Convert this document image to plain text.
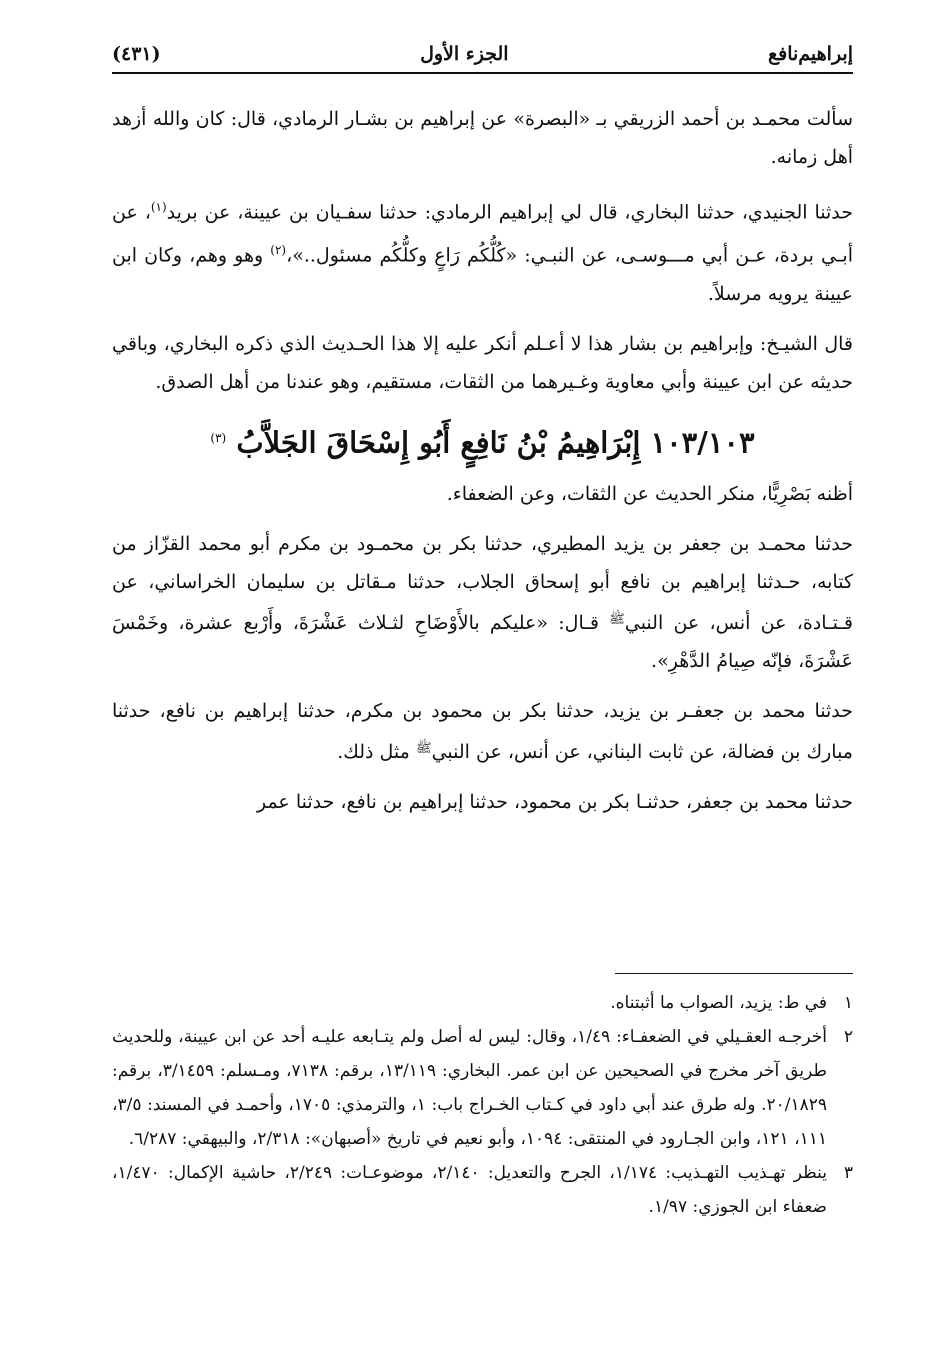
إبراهيم‌نافع
الجزء الأول
(٤٣١)

سألت محمـد بن أحمد الزريقي بـ «البصرة» عن إبراهيم بن بشـار الرمادي، قال: كان والله أزهد أهل زمانه.

حدثنا الجنيدي، حدثنا البخاري، قال لي إبراهيم الرمادي: حدثنا سفـيان بن عيينة، عن بريد$^{(١)}$، عن أبـي بردة، عـن أبي مـــوسـى، عن النبـي: «كُلُّكُم رَاعٍ وكلُّكُم مسئول..»،$^{(٢)}$ وهو وهم، وكان ابن عيينة يرويه مرسلاً.

قال الشيـخ: وإبراهيم بن بشار هذا لا أعـلم أنكر عليه إلا هذا الحـديث الذي ذكره البخاري، وباقي حديثه عن ابن عيينة وأبي معاوية وغـيرهما من الثقات، مستقيم، وهو عندنا من أهل الصدق.

١٠٣/١٠٣ إِبْرَاهِيمُ بْنُ نَافِعٍ أَبُو إِسْحَاقَ الجَلاَّبُ $^{(٣)}$

أظنه بَصْرِيًّا، منكر الحديث عن الثقات، وعن الضعفاء.

حدثنا محمـد بن جعفر بن يزيد المطيري، حدثنا بكر بن محمـود بن مكرم أبو محمد القزّاز من كتابه، حـدثنا إبراهيم بن نافع أبو إسحاق الجلاب، حدثنا مـقاتل بن سليمان الخراساني، عن قـتـادة، عن أنس، عن النبي$^ﷺ$ قـال: «عليكم بالأَوْضَاحِ لثـلاث عَشْرَةَ، وأَرْبع عشرة، وخَمْسَ عَشْرَةَ، فإنّه صِيامُ الدَّهْرِ».

حدثنا محمد بن جعفـر بن يزيد، حدثنا بكر بن محمود بن مكرم، حدثنا إبراهيم بن نافع، حدثنا مبارك بن فضالة، عن ثابت البناني، عن أنس، عن النبي$^ﷺ$ مثل ذلك.

حدثنا محمد بن جعفر، حدثنـا بكر بن محمود، حدثنا إبراهيم بن نافع، حدثنا عمر

١
في ط: يزيد، الصواب ما أثبتناه.
٢
أخرجـه العقـيلي في الضعفـاء: ١/٤٩، وقال: ليس له أصل ولم يتـابعه عليـه أحد عن ابن عيينة، وللحديث طريق آخر مخرج في الصحيحين عن ابن عمر. البخاري: ١٣/١١٩، برقم: ٧١٣٨، ومـسلم: ٣/١٤٥٩، برقم: ٢٠/١٨٢٩. وله طرق عند أبي داود في كـتاب الخـراج باب: ١، والترمذي: ١٧٠٥، وأحمـد في المسند: ٣/٥، ١١١، ١٢١، وابن الجـارود في المنتقى: ١٠٩٤، وأبو نعيم في تاريخ «أصبهان»: ٢/٣١٨، والبيهقي: ٦/٢٨٧.
٣
ينظر تهـذيب التهـذيب: ١/١٧٤، الجرح والتعديل: ٢/١٤٠، موضوعـات: ٢/٢٤٩، حاشية الإكمال: ١/٤٧٠، ضعفاء ابن الجوزي: ١/٩٧.
